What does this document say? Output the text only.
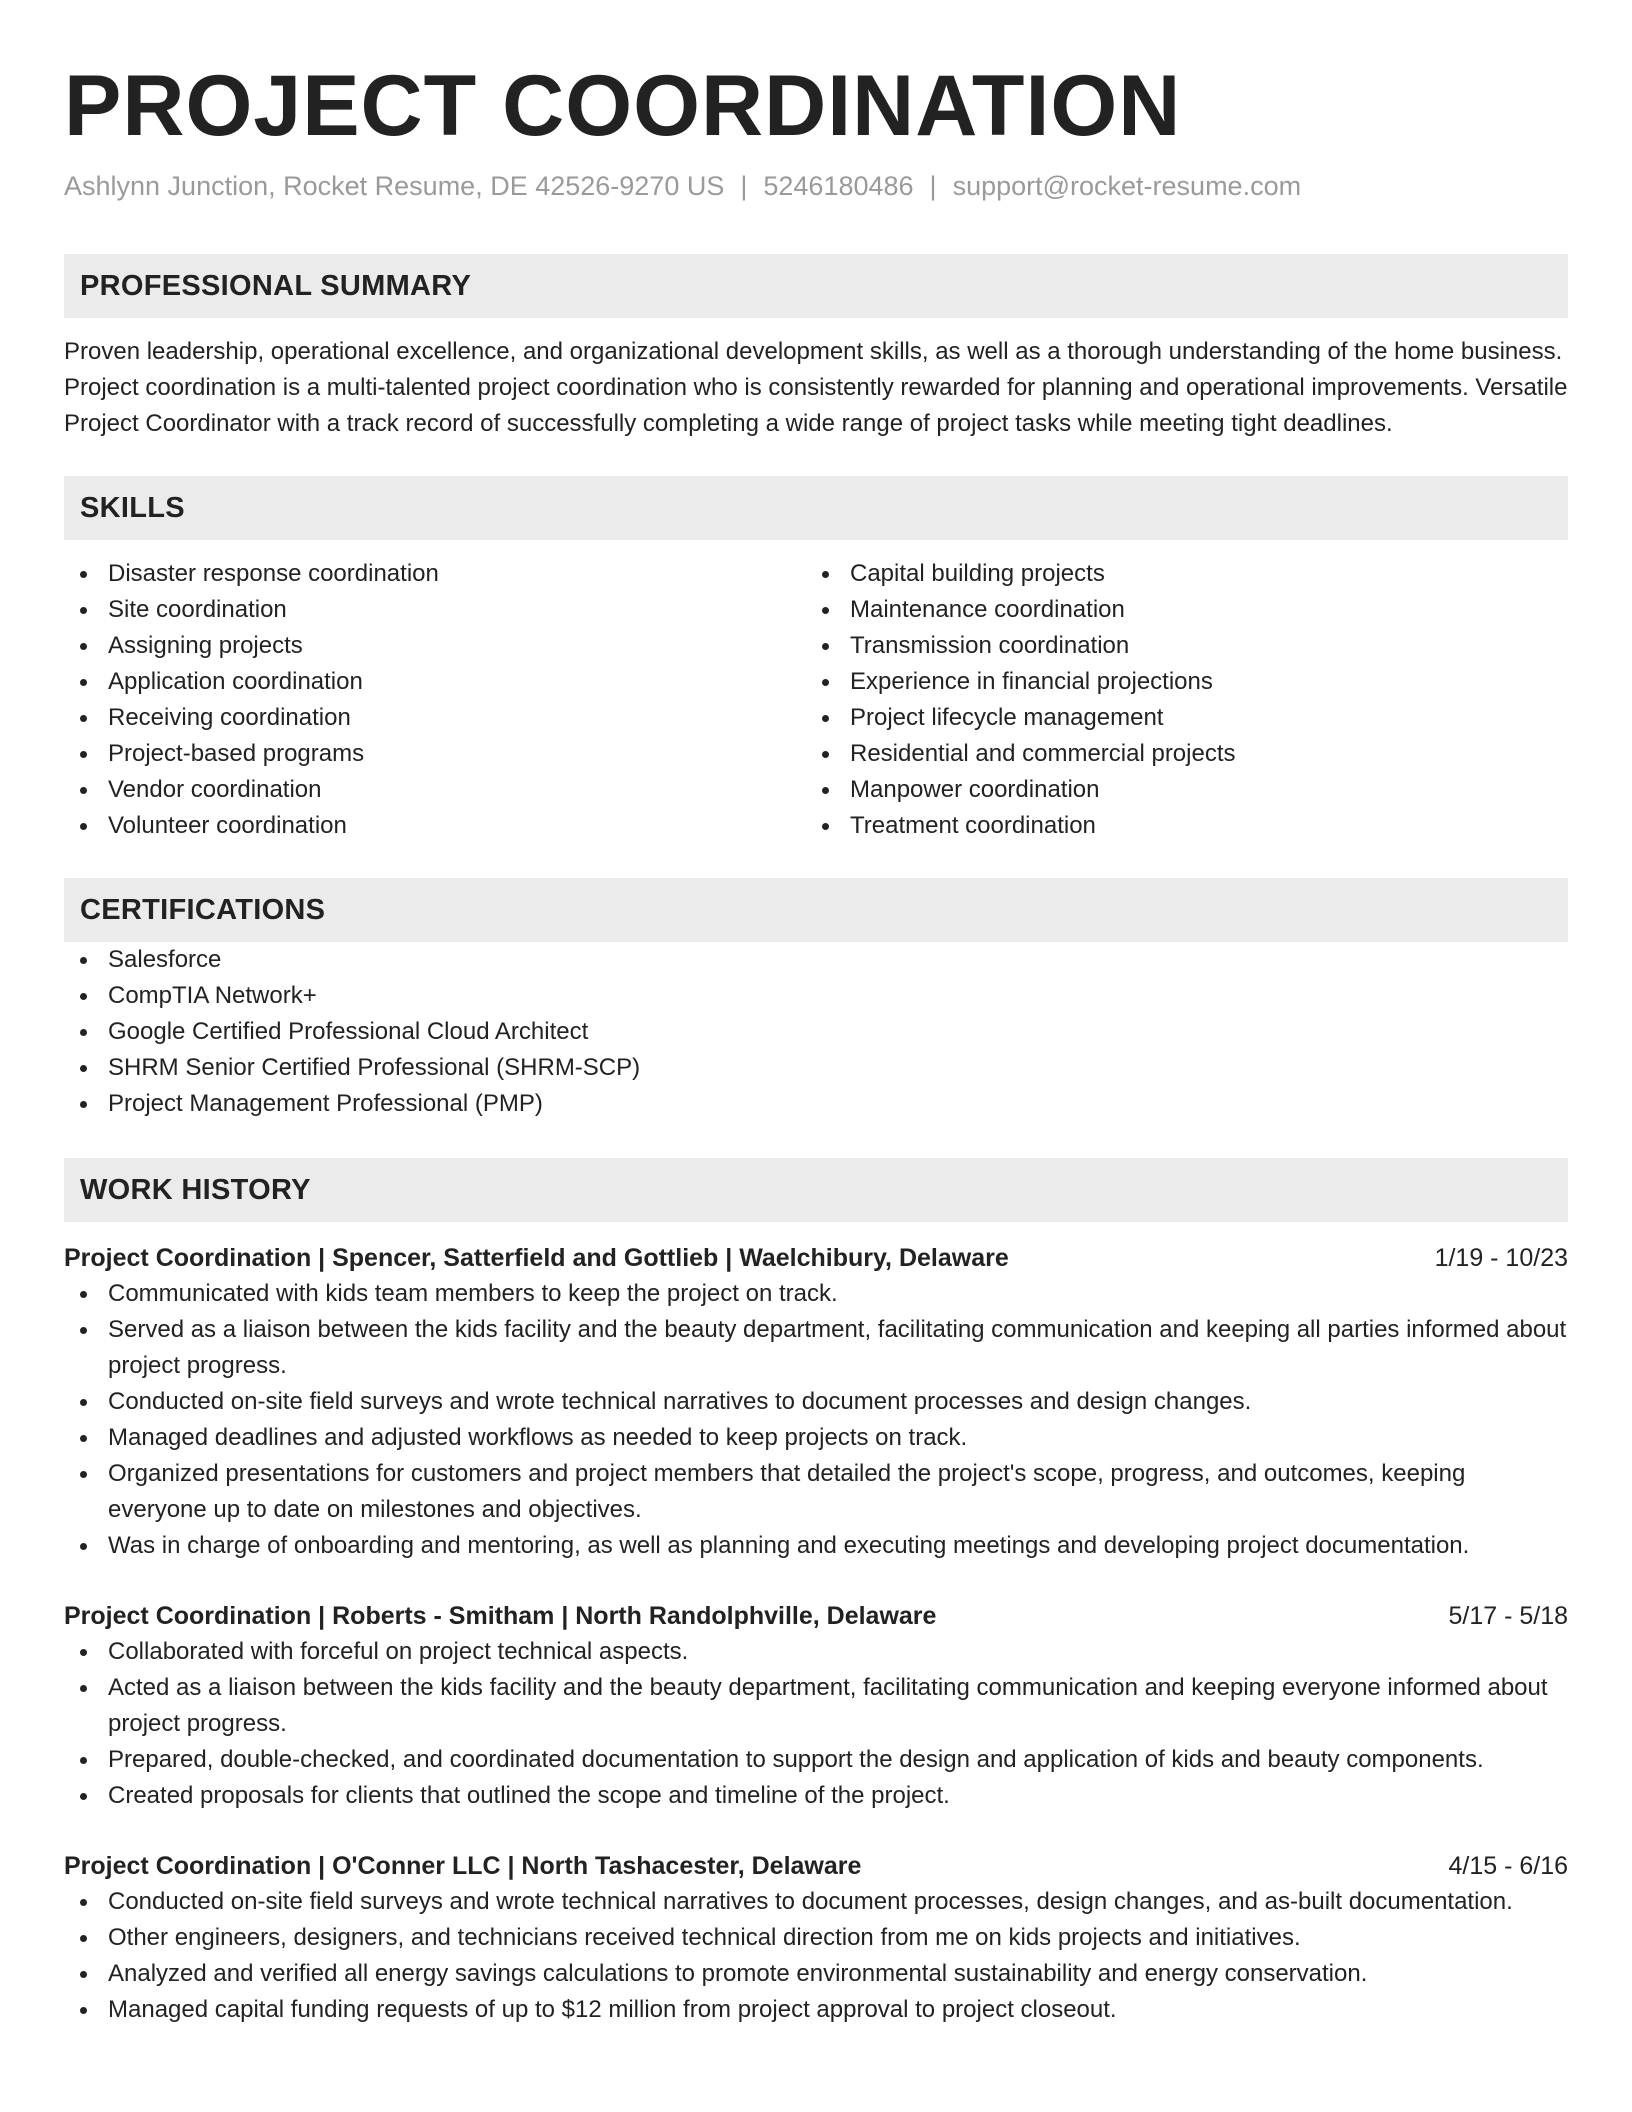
PROJECT COORDINATION
Ashlynn Junction, Rocket Resume, DE 42526-9270 US | 5246180486 | support@rocket-resume.com
PROFESSIONAL SUMMARY
Proven leadership, operational excellence, and organizational development skills, as well as a thorough understanding of the home business. Project coordination is a multi-talented project coordination who is consistently rewarded for planning and operational improvements. Versatile Project Coordinator with a track record of successfully completing a wide range of project tasks while meeting tight deadlines.
SKILLS
Disaster response coordination
Site coordination
Assigning projects
Application coordination
Receiving coordination
Project-based programs
Vendor coordination
Volunteer coordination
Capital building projects
Maintenance coordination
Transmission coordination
Experience in financial projections
Project lifecycle management
Residential and commercial projects
Manpower coordination
Treatment coordination
CERTIFICATIONS
Salesforce
CompTIA Network+
Google Certified Professional Cloud Architect
SHRM Senior Certified Professional (SHRM-SCP)
Project Management Professional (PMP)
WORK HISTORY
Project Coordination | Spencer, Satterfield and Gottlieb | Waelchibury, Delaware	1/19 - 10/23
Communicated with kids team members to keep the project on track.
Served as a liaison between the kids facility and the beauty department, facilitating communication and keeping all parties informed about project progress.
Conducted on-site field surveys and wrote technical narratives to document processes and design changes.
Managed deadlines and adjusted workflows as needed to keep projects on track.
Organized presentations for customers and project members that detailed the project's scope, progress, and outcomes, keeping everyone up to date on milestones and objectives.
Was in charge of onboarding and mentoring, as well as planning and executing meetings and developing project documentation.
Project Coordination | Roberts - Smitham | North Randolphville, Delaware	5/17 - 5/18
Collaborated with forceful on project technical aspects.
Acted as a liaison between the kids facility and the beauty department, facilitating communication and keeping everyone informed about project progress.
Prepared, double-checked, and coordinated documentation to support the design and application of kids and beauty components.
Created proposals for clients that outlined the scope and timeline of the project.
Project Coordination | O'Conner LLC | North Tashacester, Delaware	4/15 - 6/16
Conducted on-site field surveys and wrote technical narratives to document processes, design changes, and as-built documentation.
Other engineers, designers, and technicians received technical direction from me on kids projects and initiatives.
Analyzed and verified all energy savings calculations to promote environmental sustainability and energy conservation.
Managed capital funding requests of up to $12 million from project approval to project closeout.
